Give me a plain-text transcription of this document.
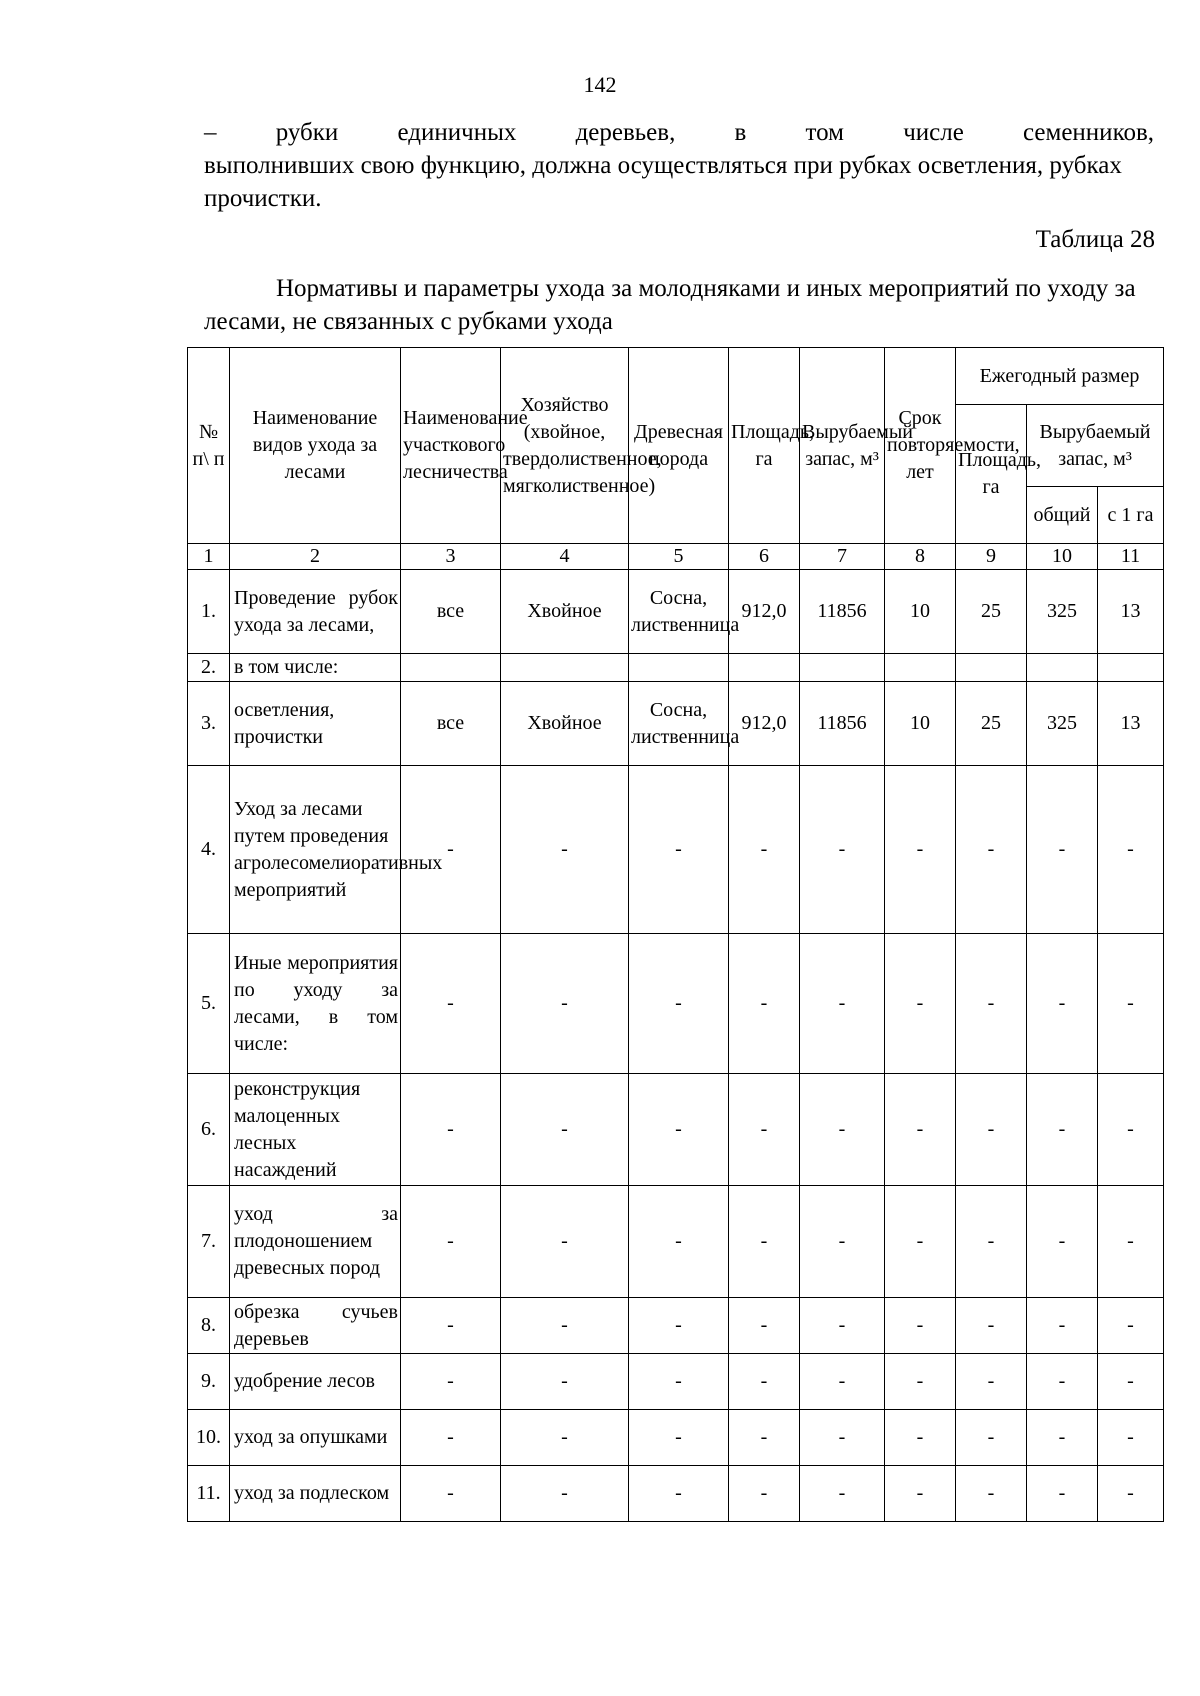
142
– рубки единичных деревьев, в том числе семенников,
выполнивших свою функцию, должна осуществляться при рубках осветления, рубках прочистки.
Таблица 28
Нормативы и параметры ухода за молодняками и иных мероприятий по уходу за лесами, не связанных с рубками ухода
№ п\ п	Наименование видов ухода за лесами	Наименование участкового лесничества	Хозяйство (хвойное, твердолиственное, мягколиственное)	Древесная порода	Площадь, га	Вырубаемый запас, м³	Срок повторяемости, лет	Ежегодный размер		
								Площадь, га	Вырубаемый запас, м³	
									общий	с 1 га
1	2	3	4	5	6	7	8	9	10	11
1.	Проведение рубок ухода за лесами,	все	Хвойное	Сосна, лиственница	912,0	11856	10	25	325	13
2.	в том числе:									
3.	осветления, прочистки	все	Хвойное	Сосна, лиственница	912,0	11856	10	25	325	13
4.	Уход за лесами путем проведения агролесомелиоративных мероприятий	-	-	-	-	-	-	-	-	-
5.	Иные мероприятия по уходу за лесами, в том числе:	-	-	-	-	-	-	-	-	-
6.	реконструкция малоценных лесных насаждений	-	-	-	-	-	-	-	-	-
7.	уход за плодоношением древесных пород	-	-	-	-	-	-	-	-	-
8.	обрезка сучьев деревьев	-	-	-	-	-	-	-	-	-
9.	удобрение лесов	-	-	-	-	-	-	-	-	-
10.	уход за опушками	-	-	-	-	-	-	-	-	-
11.	уход за подлеском	-	-	-	-	-	-	-	-	-
